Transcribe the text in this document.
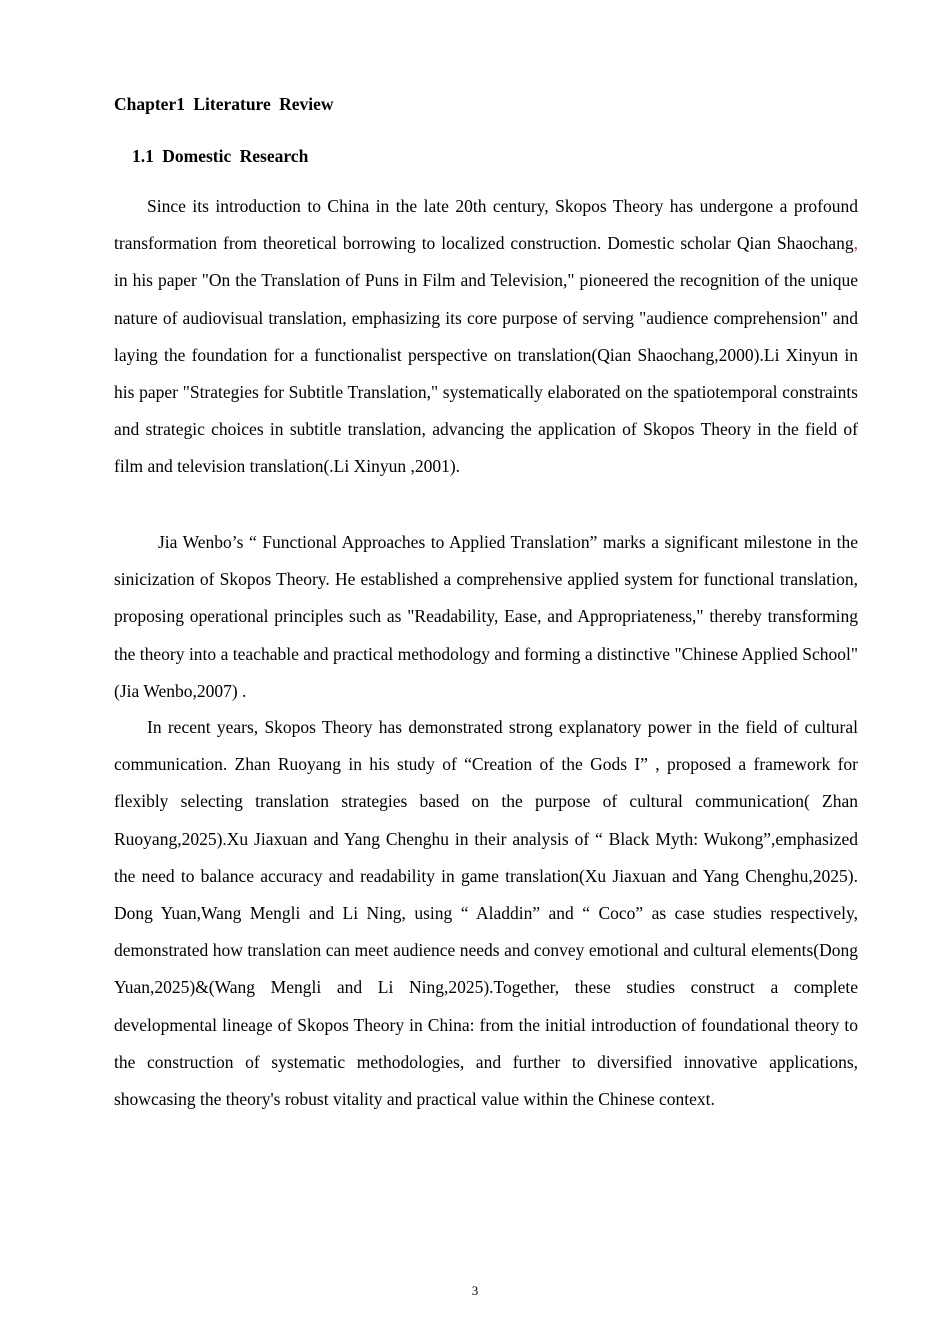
Chapter1 Literature Review
1.1 Domestic Research

Since its introduction to China in the late 20th century, Skopos Theory has undergone a profound transformation from theoretical borrowing to localized construction. Domestic scholar Qian Shaochang, in his paper "On the Translation of Puns in Film and Television," pioneered the recognition of the unique nature of audiovisual translation, emphasizing its core purpose of serving "audience comprehension" and laying the foundation for a functionalist perspective on translation(Qian Shaochang,2000).Li Xinyun in his paper "Strategies for Subtitle Translation," systematically elaborated on the spatiotemporal constraints and strategic choices in subtitle translation, advancing the application of Skopos Theory in the field of film and television translation(.Li Xinyun ,2001).

Jia Wenbo’s “ Functional Approaches to Applied Translation” marks a significant milestone in the sinicization of Skopos Theory. He established a comprehensive applied system for functional translation, proposing operational principles such as "Readability, Ease, and Appropriateness," thereby transforming the theory into a teachable and practical methodology and forming a distinctive "Chinese Applied School"(Jia Wenbo,2007) .

In recent years, Skopos Theory has demonstrated strong explanatory power in the field of cultural communication. Zhan Ruoyang in his study of “Creation of the Gods I” , proposed a framework for flexibly selecting translation strategies based on the purpose of cultural communication( Zhan Ruoyang,2025).Xu Jiaxuan and Yang Chenghu in their analysis of “ Black Myth: Wukong”,emphasized the need to balance accuracy and readability in game translation(Xu Jiaxuan and Yang Chenghu,2025). Dong Yuan,Wang Mengli and Li Ning, using “ Aladdin” and “ Coco” as case studies respectively, demonstrated how translation can meet audience needs and convey emotional and cultural elements(Dong Yuan,2025)&(Wang Mengli and Li Ning,2025).Together, these studies construct a complete developmental lineage of Skopos Theory in China: from the initial introduction of foundational theory to the construction of systematic methodologies, and further to diversified innovative applications, showcasing the theory's robust vitality and practical value within the Chinese context.

3
